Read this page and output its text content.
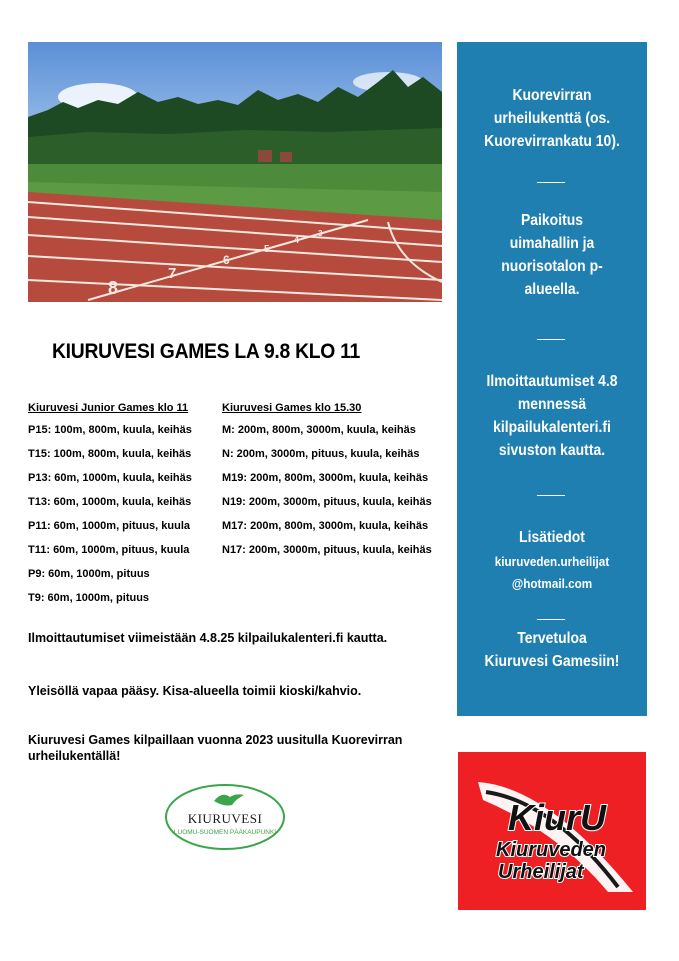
8
7
6
5
4
3
KIURUVESI GAMES LA 9.8 KLO 11
Kiuruvesi Junior Games klo 11
P15: 100m, 800m, kuula, keihäs
T15: 100m, 800m, kuula, keihäs
P13: 60m, 1000m, kuula, keihäs
T13: 60m, 1000m, kuula, keihäs
P11: 60m, 1000m, pituus, kuula
T11: 60m, 1000m, pituus, kuula
P9: 60m, 1000m, pituus
T9: 60m, 1000m, pituus
Kiuruvesi Games klo 15.30
M: 200m, 800m, 3000m, kuula, keihäs
N: 200m, 3000m, pituus, kuula, keihäs
M19: 200m, 800m, 3000m, kuula, keihäs
N19: 200m, 3000m, pituus, kuula, keihäs
M17: 200m, 800m, 3000m, kuula, keihäs
N17: 200m, 3000m, pituus, kuula, keihäs
Ilmoittautumiset viimeistään 4.8.25 kilpailukalenteri.fi kautta.
Yleisöllä vapaa pääsy. Kisa-alueella toimii kioski/kahvio.
Kiuruvesi Games kilpaillaan vuonna 2023 uusitulla Kuorevirran urheilukentällä!
Kuorevirran
urheilukenttä (os.
Kuorevirrankatu 10).
Paikoitus
uimahallin ja
nuorisotalon p-
alueella.
Ilmoittautumiset 4.8
mennessä
kilpailukalenteri.fi
sivuston kautta.
Lisätiedot
kiuruveden.urheilijat
@hotmail.com
Tervetuloa
Kiuruvesi Gamesiin!
KIURUVESI
LUOMU-SUOMEN PÄÄKAUPUNKI	KiurU
Kiuruveden
Urheilijat
